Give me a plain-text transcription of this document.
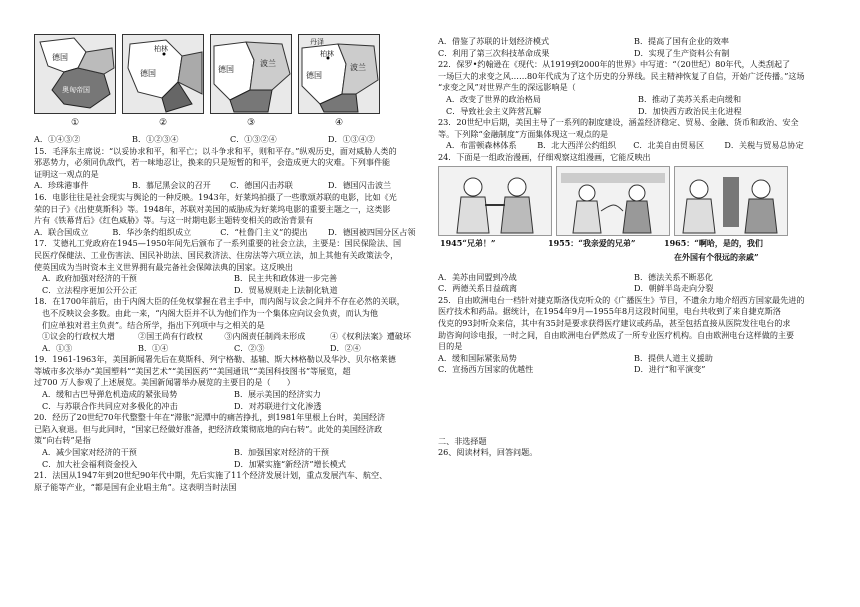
德国
奥匈帝国
①
柏林
德国
②
德国
波兰
③
丹泽
柏林
德国
波兰
④
A．①④③②	B．①②③④	C．①③②④	D．①③④②

15．毛泽东主席说：“以妥协求和平，和平亡；以斗争求和平，则和平存。”纵观历史，面对威胁人类的

邪恶势力，必须同仇敌忾，若一味地忍让，换来的只是短暂的和平，会造成更大的灾难。下列事件能

证明这一观点的是

A．珍珠港事件	B．慕尼黑会议的召开	C．德国闪击苏联	D．德国闪击波兰

16．电影往往是社会现实与舆论的一种反映。1943年，好莱坞拍摄了一些歌颂苏联的电影，比如《光

荣的日子》《出使莫斯科》等。1948年，苏联对美国的威胁成为好莱坞电影的重要主题之一，这类影

片有《铁幕背后》《红色威胁》等。与这一时期电影主题转变相关的政治背景有

A．联合国成立	B．华沙条约组织成立	C．“杜鲁门主义”的提出	D．德国被四国分区占领

17．艾德礼工党政府在1945—1950年间先后颁布了一系列重要的社会立法，主要是：国民保险法、国

民医疗保健法、工业伤害法、国民补助法、国民救济法、住房法等六项立法，加上其他有关政策法令，

使英国成为当时资本主义世界拥有最完备社会保障法典的国家。这反映出

A．政府加强对经济的干预	B．民主共和政体进一步完善
C．立法程序更加公开公正	D．贸易规则走上法制化轨道

18．在1700年前后，由于内阁大臣的任免权掌握在君主手中，而内阁与议会之间并不存在必然的关联，

也不反映议会多数。由此一来，“内阁大臣并不认为他们作为一个集体应向议会负责，而认为他

们应单独对君主负责”。结合所学，指出下列项中与之相关的是

①议会的行政权大增	②国王尚有行政权	③内阁责任制尚未形成	④《权利法案》遭破坏
A．①③	B．①④	C．②③	D．②④

19．1961-1963年，美国新闻署先后在莫斯科、列宁格勒、基辅、斯大林格勒以及华沙、贝尔格莱德

等城市多次举办“美国塑料”“美国艺术”“美国医药”“美国通讯”“美国科技图书”等展览，超

过700 万人参观了上述展览。美国新闻署举办展览的主要目的是（　　）

A．缓和古巴导弹危机造成的紧张局势	B．展示美国的经济实力
C．与苏联合作共同应对多极化的冲击	D．对苏联进行文化渗透

20．经历了20世纪70年代整整十年在“滞胀”泥潭中的痛苦挣扎，到1981年里根上台时，美国经济

已陷入衰退。但与此同时，“国家已经做好准备，把经济政策彻底地的向右转”。此处的美国经济政

策“向右转”是指

A．减少国家对经济的干预	B．加强国家对经济的干预
C．加大社会福利资金投入	D．加紧实施“新经济”增长模式

21．法国从1947年到20世纪90年代中期，先后实施了11个经济发展计划，重点发展汽车、航空、

原子能等产业，“都是国有企业唱主角”。这表明当时法国

A．借鉴了苏联的计划经济模式	B．提高了国有企业的效率
C．利用了第三次科技革命成果	D．实现了生产资料公有制

22．保罗•约翰逊在《现代：从1919到2000年的世界》中写道：“（20世纪）80年代，人类刮起了

一场巨大的求变之风……80年代成为了这个历史的分界线。民主精神恢复了自信，开始广泛传播。”这场

“求变之风”对世界产生的深远影响是（

A．改变了世界的政治格局	B．推动了美苏关系走向缓和
C．导致社会主义阵营瓦解	D．加快西方政治民主化进程

23．20世纪中后期，美国主导了一系列的制度建设，涵盖经济稳定、贸易、金融、货币和政治、安全

等。下列除“金融制度”方面集体现这一观点的是

A．布雷顿森林体系	B．北大西洋公约组织	C．北美自由贸易区	D．关税与贸易总协定

24．下面是一组政治漫画，仔细观察这组漫画，它能反映出

1945“兄弟！”	1955：“我亲爱的兄弟”	1965：“啊哈，是的，我们
在外国有个很远的亲戚”
A．美苏由同盟到冷战	B．德法关系不断恶化
C．两德关系日益疏离	D．朝鲜半岛走向分裂

25．自由欧洲电台一档针对捷克斯洛伐克听众的《广播医生》节目，不遗余力地介绍西方国家最先进的

医疗技术和药品。据统计，在1954年9月—1955年8月这段时间里，电台共收到了来自捷克斯洛

伐克的93封听众来信，其中有35封是要求获得医疗建议或药品，甚至包括直接从医院发往电台的求

助咨询问诊电报，一时之间，自由欧洲电台俨然成了一所专业医疗机构。自由欧洲电台这样做的主要

目的是

A．缓和国际紧张局势	B．提供人道主义援助
C．宣扬西方国家的优越性	D．进行“和平演变”

二、非选择题

26、阅读材料，回答问题。
